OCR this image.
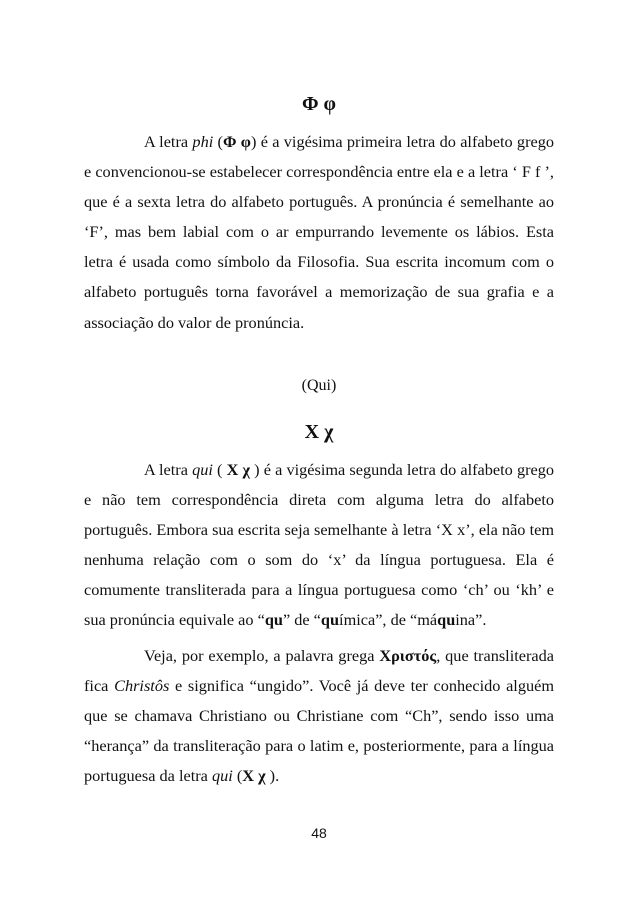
Φ φ

A letra phi (Φ φ) é a vigésima primeira letra do alfabeto grego e convencionou-se estabelecer correspondência entre ela e a letra ‘ F f ’, que é a sexta letra do alfabeto português. A pronúncia é semelhante ao ‘F’, mas bem labial com o ar empurrando levemente os lábios. Esta letra é usada como símbolo da Filosofia. Sua escrita incomum com o alfabeto português torna favorável a memorização de sua grafia e a associação do valor de pronúncia.

(Qui)
Χ χ

A letra qui ( Χ χ ) é a vigésima segunda letra do alfabeto grego e não tem correspondência direta com alguma letra do alfabeto português. Embora sua escrita seja semelhante à letra ‘X x’, ela não tem nenhuma relação com o som do ‘x’ da língua portuguesa. Ela é comumente transliterada para a língua portuguesa como ‘ch’ ou ‘kh’ e sua pronúncia equivale ao “qu” de “química”, de “máquina”.

Veja, por exemplo, a palavra grega Χριστός, que transliterada fica Christôs e significa “ungido”. Você já deve ter conhecido alguém que se chamava Christiano ou Christiane com “Ch”, sendo isso uma “herança” da transliteração para o latim e, posteriormente, para a língua portuguesa da letra qui (Χ χ ).

48
